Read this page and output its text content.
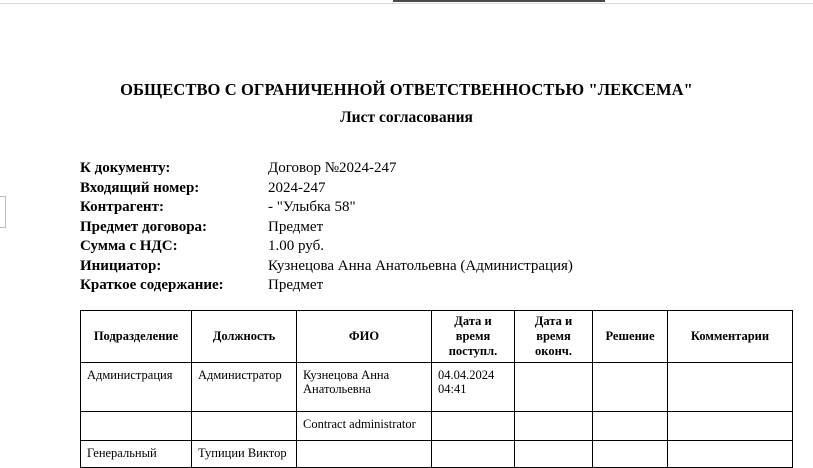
ОБЩЕСТВО С ОГРАНИЧЕННОЙ ОТВЕТСТВЕННОСТЬЮ "ЛЕКСЕМА"
Лист согласования
К документу:	Договор №2024-247
Входящий номер:	2024-247
Контрагент:	- "Улыбка 58"
Предмет договора:	Предмет
Сумма с НДС:	1.00 руб.
Инициатор:	Кузнецова Анна Анатольевна (Администрация)
Краткое содержание:	Предмет
Подразделение	Должность	ФИО	Дата и время поступл.	Дата и время оконч.	Решение	Комментарии
Администрация	Администратор	Кузнецова Анна Анатольевна	04.04.2024 04:41			
		Contract administrator				
Генеральный	Тупиции Виктор					
